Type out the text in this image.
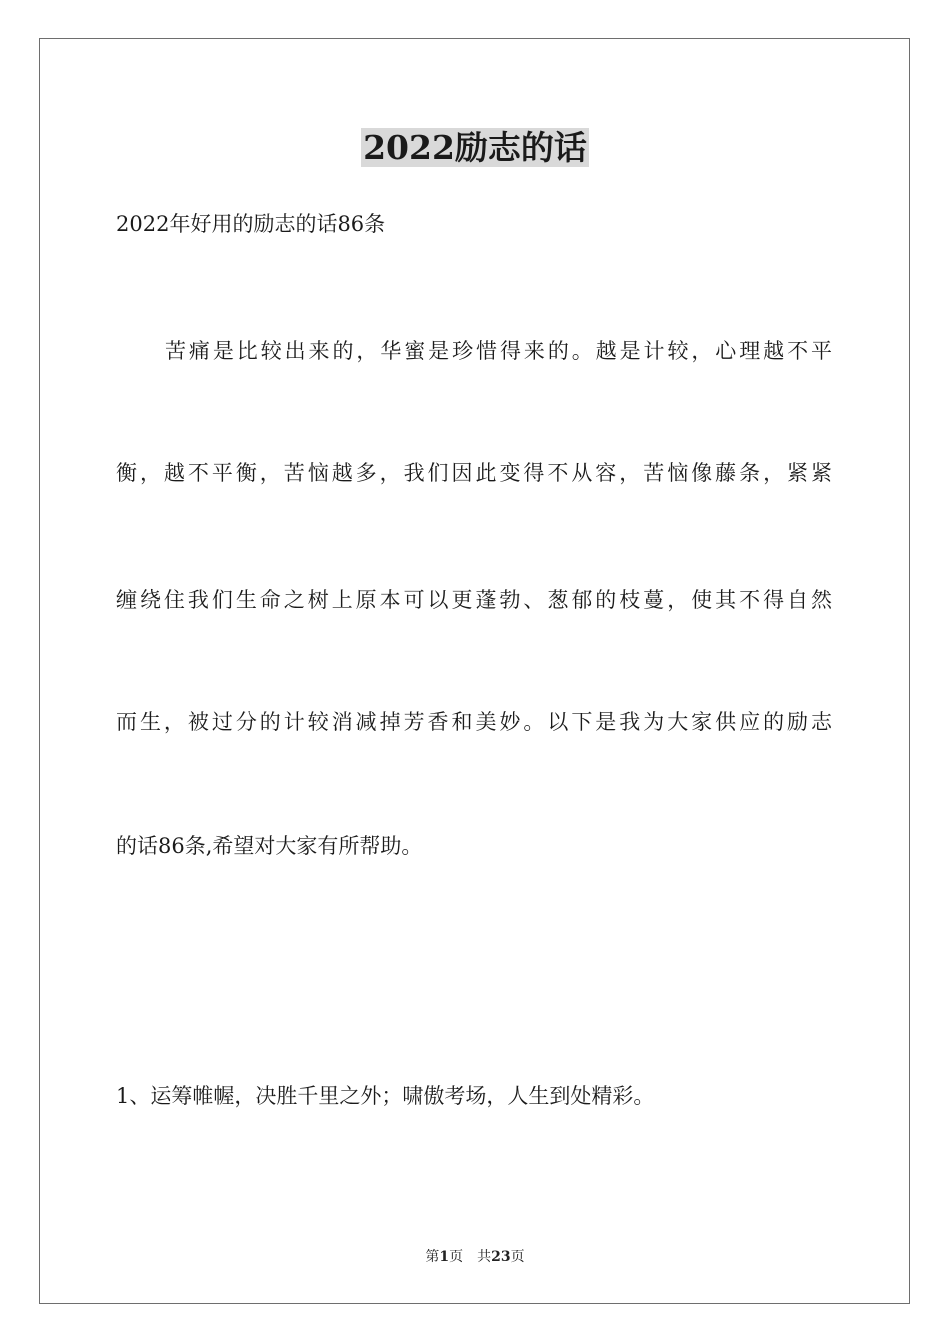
2022励志的话
2022年好用的励志的话86条
苦痛是比较出来的，华蜜是珍惜得来的。越是计较，心理越不平
衡，越不平衡，苦恼越多，我们因此变得不从容，苦恼像藤条，紧紧
缠绕住我们生命之树上原本可以更蓬勃、葱郁的枝蔓，使其不得自然
而生，被过分的计较消减掉芳香和美妙。以下是我为大家供应的励志
的话86条,希望对大家有所帮助。
1、运筹帷幄，决胜千里之外；啸傲考场，人生到处精彩。
第1页　共23页
